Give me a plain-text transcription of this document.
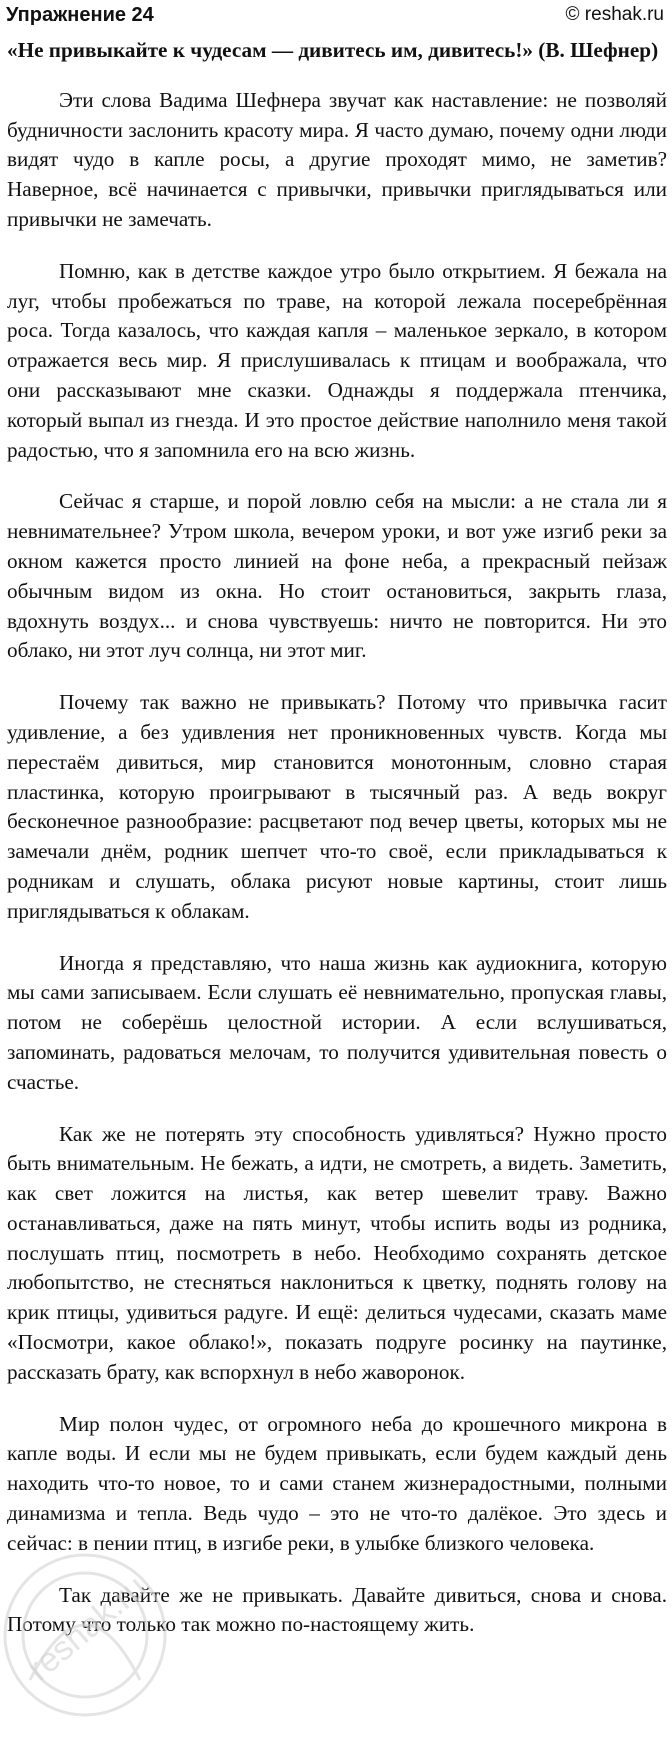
Упражнение 24	© reshak.ru

«Не привыкайте к чудесам — дивитесь им, дивитесь!» (В. Шефнер)

Эти слова Вадима Шефнера звучат как наставление: не позволяй будничности заслонить красоту мира. Я часто думаю, почему одни люди видят чудо в капле росы, а другие проходят мимо, не заметив? Наверное, всё начинается с привычки, привычки приглядываться или привычки не замечать.

Помню, как в детстве каждое утро было открытием. Я бежала на луг, чтобы пробежаться по траве, на которой лежала посеребрённая роса. Тогда казалось, что каждая капля – маленькое зеркало, в котором отражается весь мир. Я прислушивалась к птицам и воображала, что они рассказывают мне сказки. Однажды я поддержала птенчика, который выпал из гнезда. И это простое действие наполнило меня такой радостью, что я запомнила его на всю жизнь.

Сейчас я старше, и порой ловлю себя на мысли: а не стала ли я невнимательнее? Утром школа, вечером уроки, и вот уже изгиб реки за окном кажется просто линией на фоне неба, а прекрасный пейзаж обычным видом из окна. Но стоит остановиться, закрыть глаза, вдохнуть воздух... и снова чувствуешь: ничто не повторится. Ни это облако, ни этот луч солнца, ни этот миг.

Почему так важно не привыкать? Потому что привычка гасит удивление, а без удивления нет проникновенных чувств. Когда мы перестаём дивиться, мир становится монотонным, словно старая пластинка, которую проигрывают в тысячный раз. А ведь вокруг бесконечное разнообразие: расцветают под вечер цветы, которых мы не замечали днём, родник шепчет что-то своё, если прикладываться к родникам и слушать, облака рисуют новые картины, стоит лишь приглядываться к облакам.

Иногда я представляю, что наша жизнь как аудиокнига, которую мы сами записываем. Если слушать её невнимательно, пропуская главы, потом не соберёшь целостной истории. А если вслушиваться, запоминать, радоваться мелочам, то получится удивительная повесть о счастье.

Как же не потерять эту способность удивляться? Нужно просто быть внимательным. Не бежать, а идти, не смотреть, а видеть. Заметить, как свет ложится на листья, как ветер шевелит траву. Важно останавливаться, даже на пять минут, чтобы испить воды из родника, послушать птиц, посмотреть в небо. Необходимо сохранять детское любопытство, не стесняться наклониться к цветку, поднять голову на крик птицы, удивиться радуге. И ещё: делиться чудесами, сказать маме «Посмотри, какое облако!», показать подруге росинку на паутинке, рассказать брату, как вспорхнул в небо жаворонок.

Мир полон чудес, от огромного неба до крошечного микрона в капле воды. И если мы не будем привыкать, если будем каждый день находить что-то новое, то и сами станем жизнерадостными, полными динамизма и тепла. Ведь чудо – это не что-то далёкое. Это здесь и сейчас: в пении птиц, в изгибе реки, в улыбке близкого человека.

Так давайте же не привыкать. Давайте дивиться, снова и снова. Потому что только так можно по-настоящему жить.

reshak.ru
